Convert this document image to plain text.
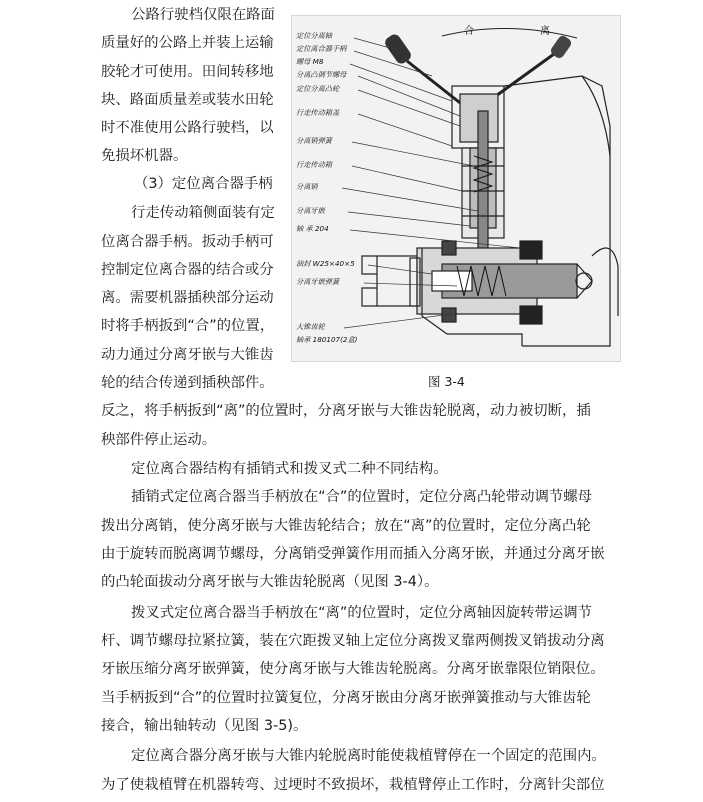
公路行驶档仅限在路面
质量好的公路上并装上运输
胶轮才可使用。田间转移地
块、路面质量差或装水田轮
时不准使用公路行驶档，以
免损坏机器。
（3）定位离合器手柄
行走传动箱侧面装有定
位离合器手柄。扳动手柄可
控制定位离合器的结合或分
离。需要机器插秧部分运动
时将手柄扳到“合”的位置，
动力通过分离牙嵌与大锥齿
轮的结合传递到插秧部件。
合	离
定位分离轴
定位离合器手柄
螺母 M8
分离凸调节螺母
定位分离凸轮
行走传动箱盖
分离销弹簧
行走传动箱
分离销
分离牙嵌
轴 承 204
油封 W25×40×5
分离牙嵌弹簧
大锥齿轮
轴承 180107(2盒)
图 3-4
反之，将手柄扳到“离”的位置时，分离牙嵌与大锥齿轮脱离，动力被切断，插
秧部件停止运动。
定位离合器结构有插销式和拨叉式二种不同结构。
插销式定位离合器当手柄放在“合”的位置时，定位分离凸轮带动调节螺母
拨出分离销，使分离牙嵌与大锥齿轮结合；放在“离”的位置时，定位分离凸轮
由于旋转而脱离调节螺母，分离销受弹簧作用而插入分离牙嵌，并通过分离牙嵌
的凸轮面拔动分离牙嵌与大锥齿轮脱离（见图 3-4）。
拨叉式定位离合器当手柄放在“离”的位置时，定位分离轴因旋转带运调节
杆、调节螺母拉紧拉簧，装在穴距拨叉轴上定位分离拨叉靠两侧拨叉销拔动分离
牙嵌压缩分离牙嵌弹簧，使分离牙嵌与大锥齿轮脱离。分离牙嵌靠限位销限位。
当手柄扳到“合”的位置时拉簧复位，分离牙嵌由分离牙嵌弹簧推动与大锥齿轮
接合，输出轴转动（见图 3-5)。
定位离合器分离牙嵌与大锥内轮脱离时能使栽植臂停在一个固定的范围内。
为了使栽植臂在机器转弯、过埂时不致损坏，栽植臂停止工作时，分离针尖部位
